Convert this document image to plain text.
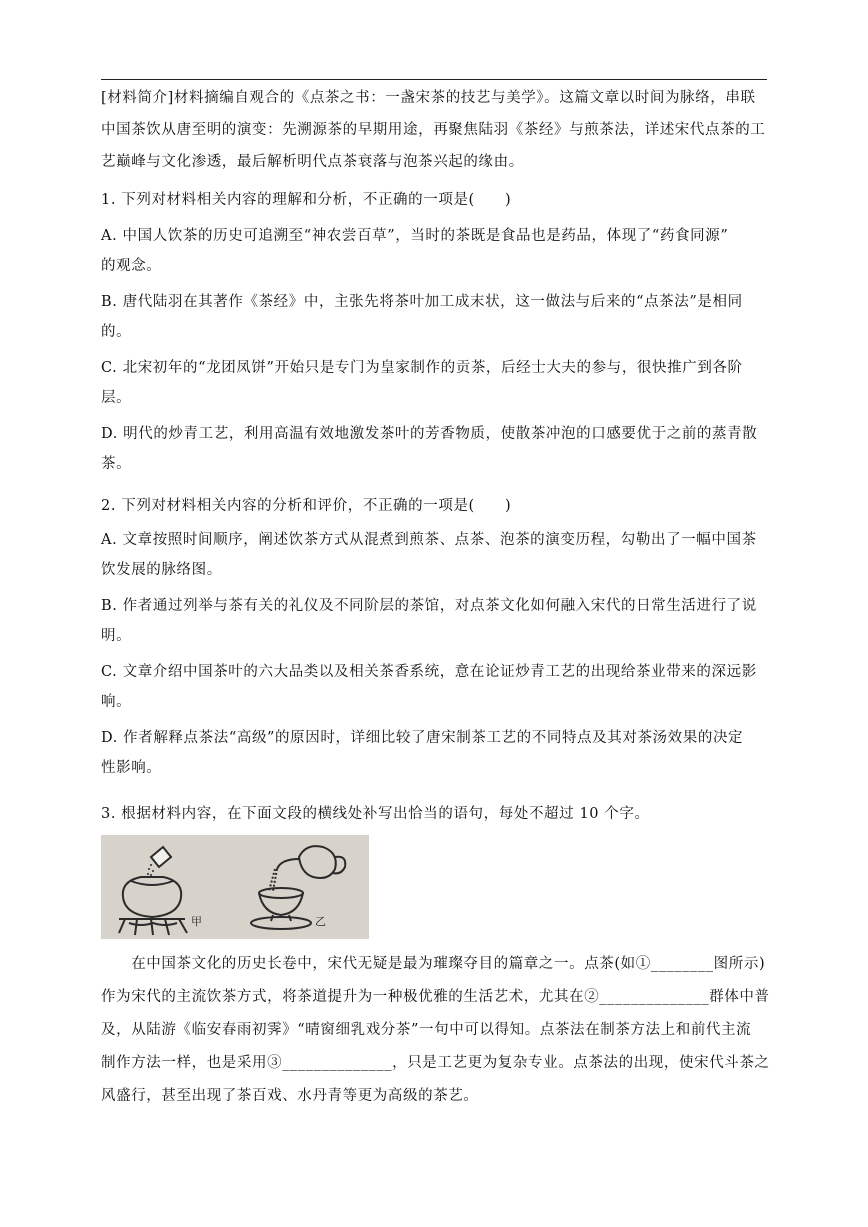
[材料简介]材料摘编自观合的《点茶之书：一盏宋茶的技艺与美学》。这篇文章以时间为脉络，串联
中国茶饮从唐至明的演变：先溯源茶的早期用途，再聚焦陆羽《茶经》与煎茶法，详述宋代点茶的工
艺巅峰与文化渗透，最后解析明代点茶衰落与泡茶兴起的缘由。
1. 下列对材料相关内容的理解和分析，不正确的一项是(　　)
A. 中国人饮茶的历史可追溯至“神农尝百草”，当时的茶既是食品也是药品，体现了“药食同源”
的观念。
B. 唐代陆羽在其著作《茶经》中，主张先将茶叶加工成末状，这一做法与后来的“点茶法”是相同
的。
C. 北宋初年的“龙团凤饼”开始只是专门为皇家制作的贡茶，后经士大夫的参与，很快推广到各阶
层。
D. 明代的炒青工艺，利用高温有效地激发茶叶的芳香物质，使散茶冲泡的口感要优于之前的蒸青散
茶。
2. 下列对材料相关内容的分析和评价，不正确的一项是(　　)
A. 文章按照时间顺序，阐述饮茶方式从混煮到煎茶、点茶、泡茶的演变历程，勾勒出了一幅中国茶
饮发展的脉络图。
B. 作者通过列举与茶有关的礼仪及不同阶层的茶馆，对点茶文化如何融入宋代的日常生活进行了说
明。
C. 文章介绍中国茶叶的六大品类以及相关茶香系统，意在论证炒青工艺的出现给茶业带来的深远影
响。
D. 作者解释点茶法“高级”的原因时，详细比较了唐宋制茶工艺的不同特点及其对茶汤效果的决定
性影响。
3. 根据材料内容，在下面文段的横线处补写出恰当的语句，每处不超过 10 个字。
甲	乙
　　在中国茶文化的历史长卷中，宋代无疑是最为璀璨夺目的篇章之一。点茶(如①________图所示)
作为宋代的主流饮茶方式，将茶道提升为一种极优雅的生活艺术，尤其在②______________群体中普
及，从陆游《临安春雨初霁》“晴窗细乳戏分茶”一句中可以得知。点茶法在制茶方法上和前代主流
制作方法一样，也是采用③______________，只是工艺更为复杂专业。点茶法的出现，使宋代斗茶之
风盛行，甚至出现了茶百戏、水丹青等更为高级的茶艺。
